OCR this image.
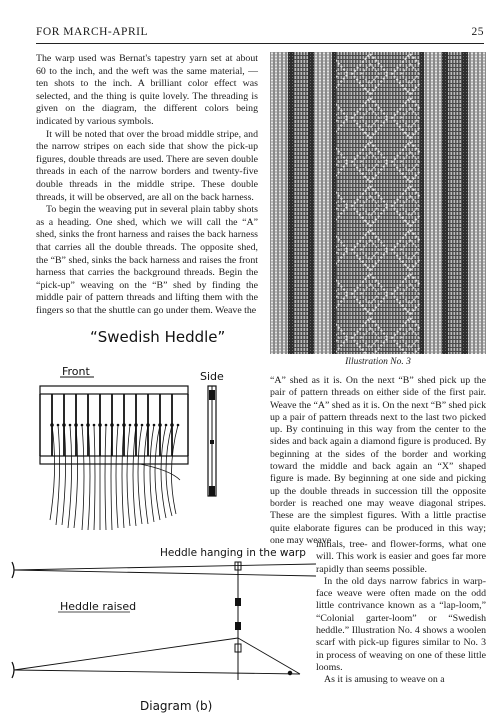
FOR MARCH-APRIL	25

The warp used was Bernat's tapestry yarn set at about 60 to the inch, and the weft was the same material, — ten shots to the inch. A brilliant color effect was selected, and the thing is quite lovely. The threading is given on the diagram, the different colors being indicated by various symbols.

It will be noted that over the broad middle stripe, and the narrow stripes on each side that show the pick-up figures, double threads are used. There are seven double threads in each of the narrow borders and twenty-five double threads in the middle stripe. These double threads, it will be observed, are all on the back harness.

To begin the weaving put in several plain tabby shots as a heading. One shed, which we will call the “A” shed, sinks the front harness and raises the back harness that carries all the double threads. The opposite shed, the “B” shed, sinks the back harness and raises the front harness that carries the background threads. Begin the “pick-up” weaving on the “B” shed by finding the middle pair of pattern threads and lifting them with the fingers so that the shuttle can go under them. Weave the

Illustration No. 3
“Swedish Heddle”
Front	Side	“A” shed as it is. On the next “B” shed pick up the pair of pattern threads on either side of the first pair. Weave the “A” shed as it is. On the next “B” shed pick up a pair of pattern threads next to the last two picked up. By continuing in this way from the center to the sides and back again a diamond figure is produced. By beginning at the sides of the border and working toward the middle and back again an “X” shaped figure is made. By beginning at one side and picking up the double threads in succession till the opposite border is reached one may weave diagonal stripes. These are the simplest figures. With a little practise quite elaborate figures can be produced in this way; one may weave

Heddle hanging in the warp
Heddle raised
Diagram (b)

initials, tree- and flower-forms, what one will. This work is easier and goes far more rapidly than seems possible.

In the old days narrow fabrics in warp-face weave were often made on the odd little contrivance known as a “lap-loom,” “Colonial garter-loom” or “Swedish heddle.” Illustration No. 4 shows a woolen scarf with pick-up figures similar to No. 3 in process of weaving on one of these little looms.

As it is amusing to weave on a
